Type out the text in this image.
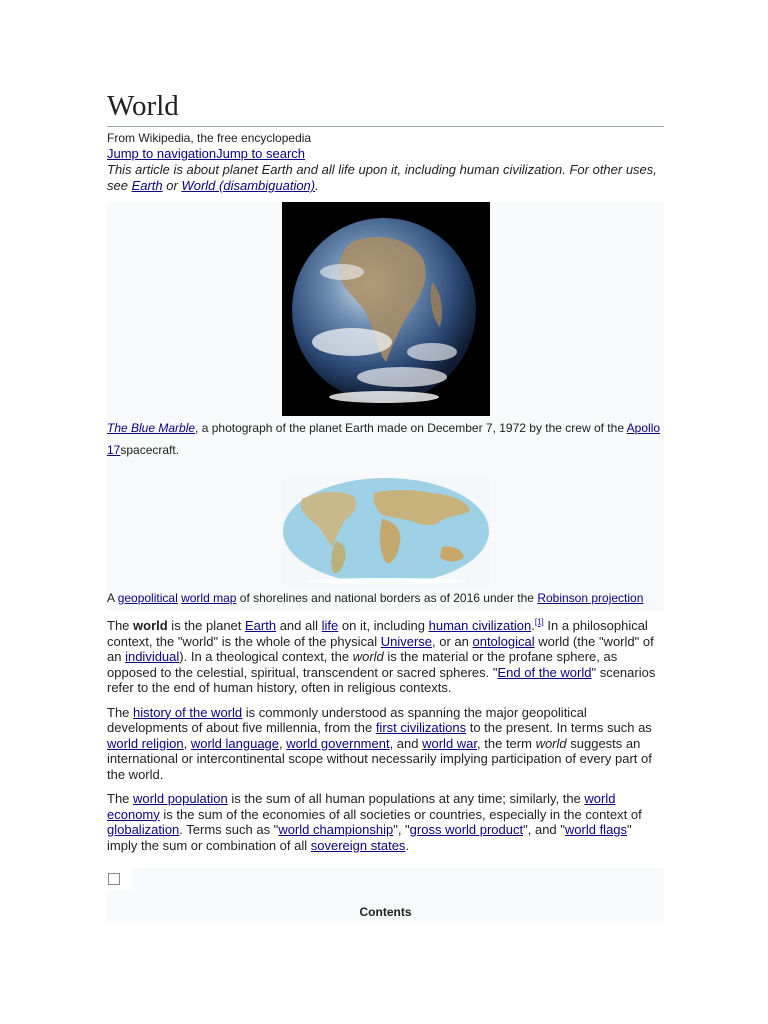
World
From Wikipedia, the free encyclopedia
Jump to navigationJump to search
This article is about planet Earth and all life upon it, including human civilization. For other uses, see Earth or World (disambiguation).
The Blue Marble, a photograph of the planet Earth made on December 7, 1972 by the crew of the Apollo 17spacecraft.
A geopolitical world map of shorelines and national borders as of 2016 under the Robinson projection

The world is the planet Earth and all life on it, including human civilization.[1] In a philosophical context, the "world" is the whole of the physical Universe, or an ontological world (the "world" of an individual). In a theological context, the world is the material or the profane sphere, as opposed to the celestial, spiritual, transcendent or sacred spheres. "End of the world" scenarios refer to the end of human history, often in religious contexts.

The history of the world is commonly understood as spanning the major geopolitical developments of about five millennia, from the first civilizations to the present. In terms such as world religion, world language, world government, and world war, the term world suggests an international or intercontinental scope without necessarily implying participation of every part of the world.

The world population is the sum of all human populations at any time; similarly, the world economy is the sum of the economies of all societies or countries, especially in the context of globalization. Terms such as "world championship", "gross world product", and "world flags" imply the sum or combination of all sovereign states.

Contents
